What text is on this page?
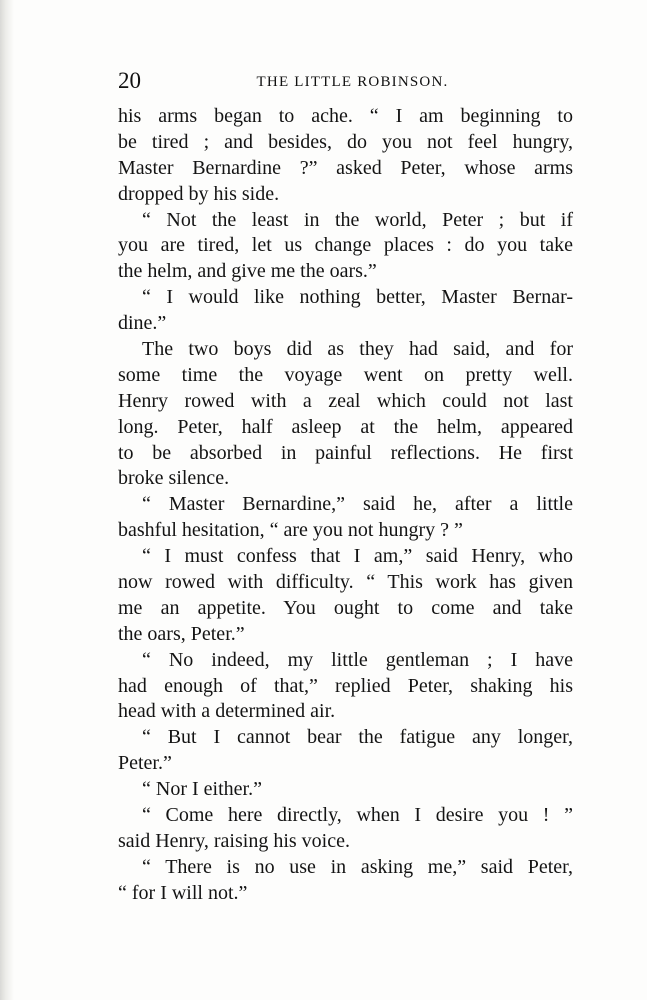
20	THE LITTLE ROBINSON.
his arms began to ache. “ I am beginning to
be tired ; and besides, do you not feel hungry,
Master Bernardine ?” asked Peter, whose arms
dropped by his side.
“ Not the least in the world, Peter ; but if
you are tired, let us change places : do you take
the helm, and give me the oars.”
“ I would like nothing better, Master Bernar-
dine.”
The two boys did as they had said, and for
some time the voyage went on pretty well.
Henry rowed with a zeal which could not last
long. Peter, half asleep at the helm, appeared
to be absorbed in painful reflections. He first
broke silence.
“ Master Bernardine,” said he, after a little
bashful hesitation, “ are you not hungry ? ”
“ I must confess that I am,” said Henry, who
now rowed with difficulty. “ This work has given
me an appetite. You ought to come and take
the oars, Peter.”
“ No indeed, my little gentleman ; I have
had enough of that,” replied Peter, shaking his
head with a determined air.
“ But I cannot bear the fatigue any longer,
Peter.”
“ Nor I either.”
“ Come here directly, when I desire you ! ”
said Henry, raising his voice.
“ There is no use in asking me,” said Peter,
“ for I will not.”
